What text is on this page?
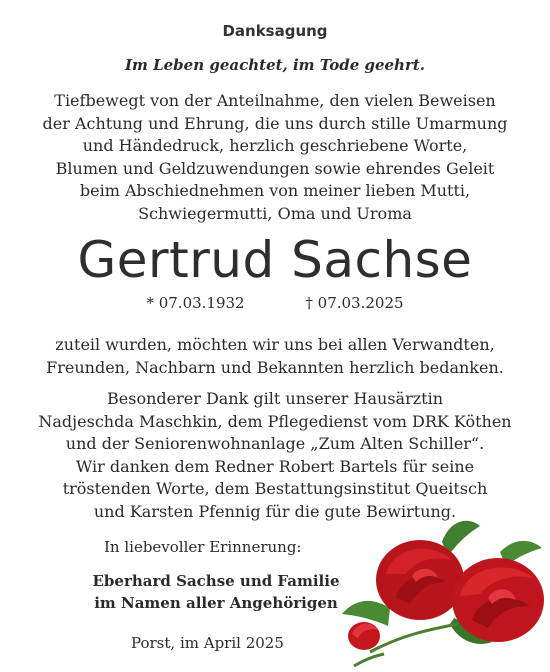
Danksagung
Im Leben geachtet, im Tode geehrt.
Tiefbewegt von der Anteilnahme, den vielen Beweisen
der Achtung und Ehrung, die uns durch stille Umarmung
und Händedruck, herzlich geschriebene Worte,
Blumen und Geldzuwendungen sowie ehrendes Geleit
beim Abschiednehmen von meiner lieben Mutti,
Schwiegermutti, Oma und Uroma
Gertrud Sachse
* 07.03.1932	† 07.03.2025
zuteil wurden, möchten wir uns bei allen Verwandten,
Freunden, Nachbarn und Bekannten herzlich bedanken.
Besonderer Dank gilt unserer Hausärztin
Nadjeschda Maschkin, dem Pflegedienst vom DRK Köthen
und der Seniorenwohnanlage „Zum Alten Schiller“.
Wir danken dem Redner Robert Bartels für seine
tröstenden Worte, dem Bestattungsinstitut Queitsch
und Karsten Pfennig für die gute Bewirtung.
In liebevoller Erinnerung:
Eberhard Sachse und Familie
im Namen aller Angehörigen
Porst, im April 2025
